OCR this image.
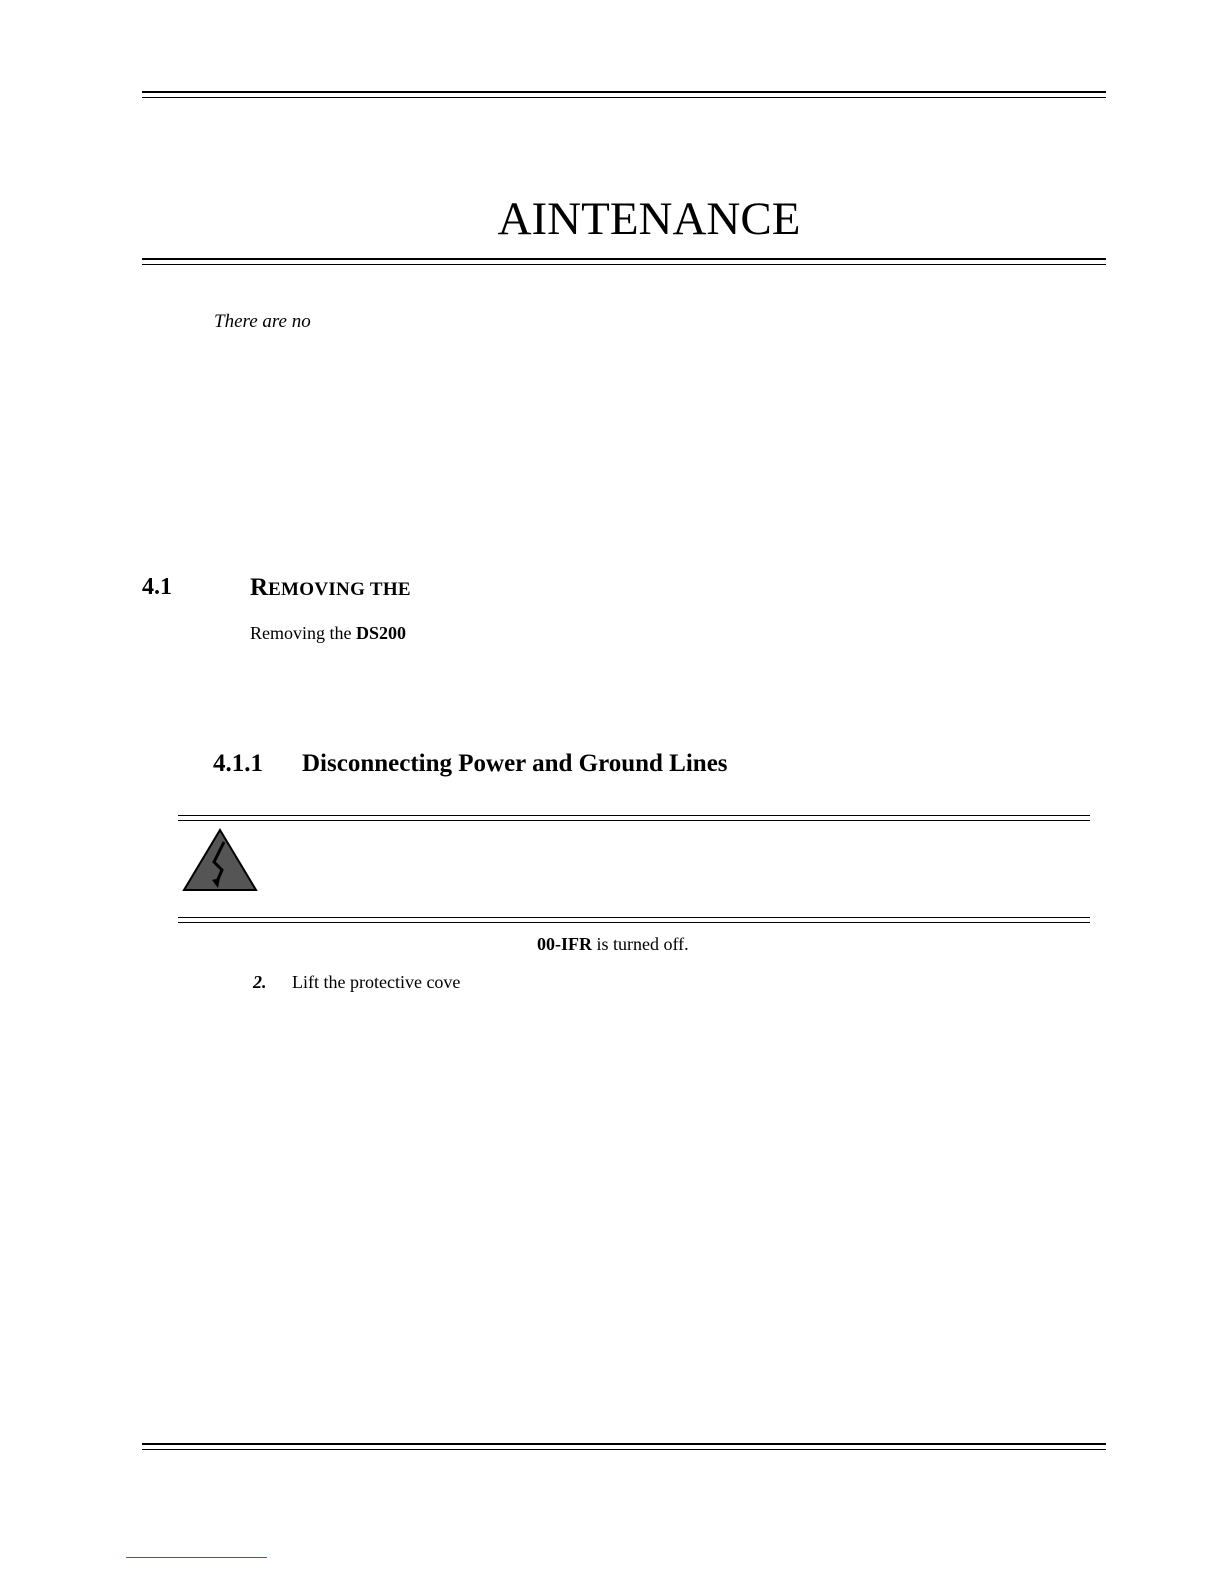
AINTENANCE
There are no
4.1	REMOVING THE
Removing the DS200
4.1.1 Disconnecting Power and Ground Lines
00-IFR is turned off.
2. Lift the protective cove
